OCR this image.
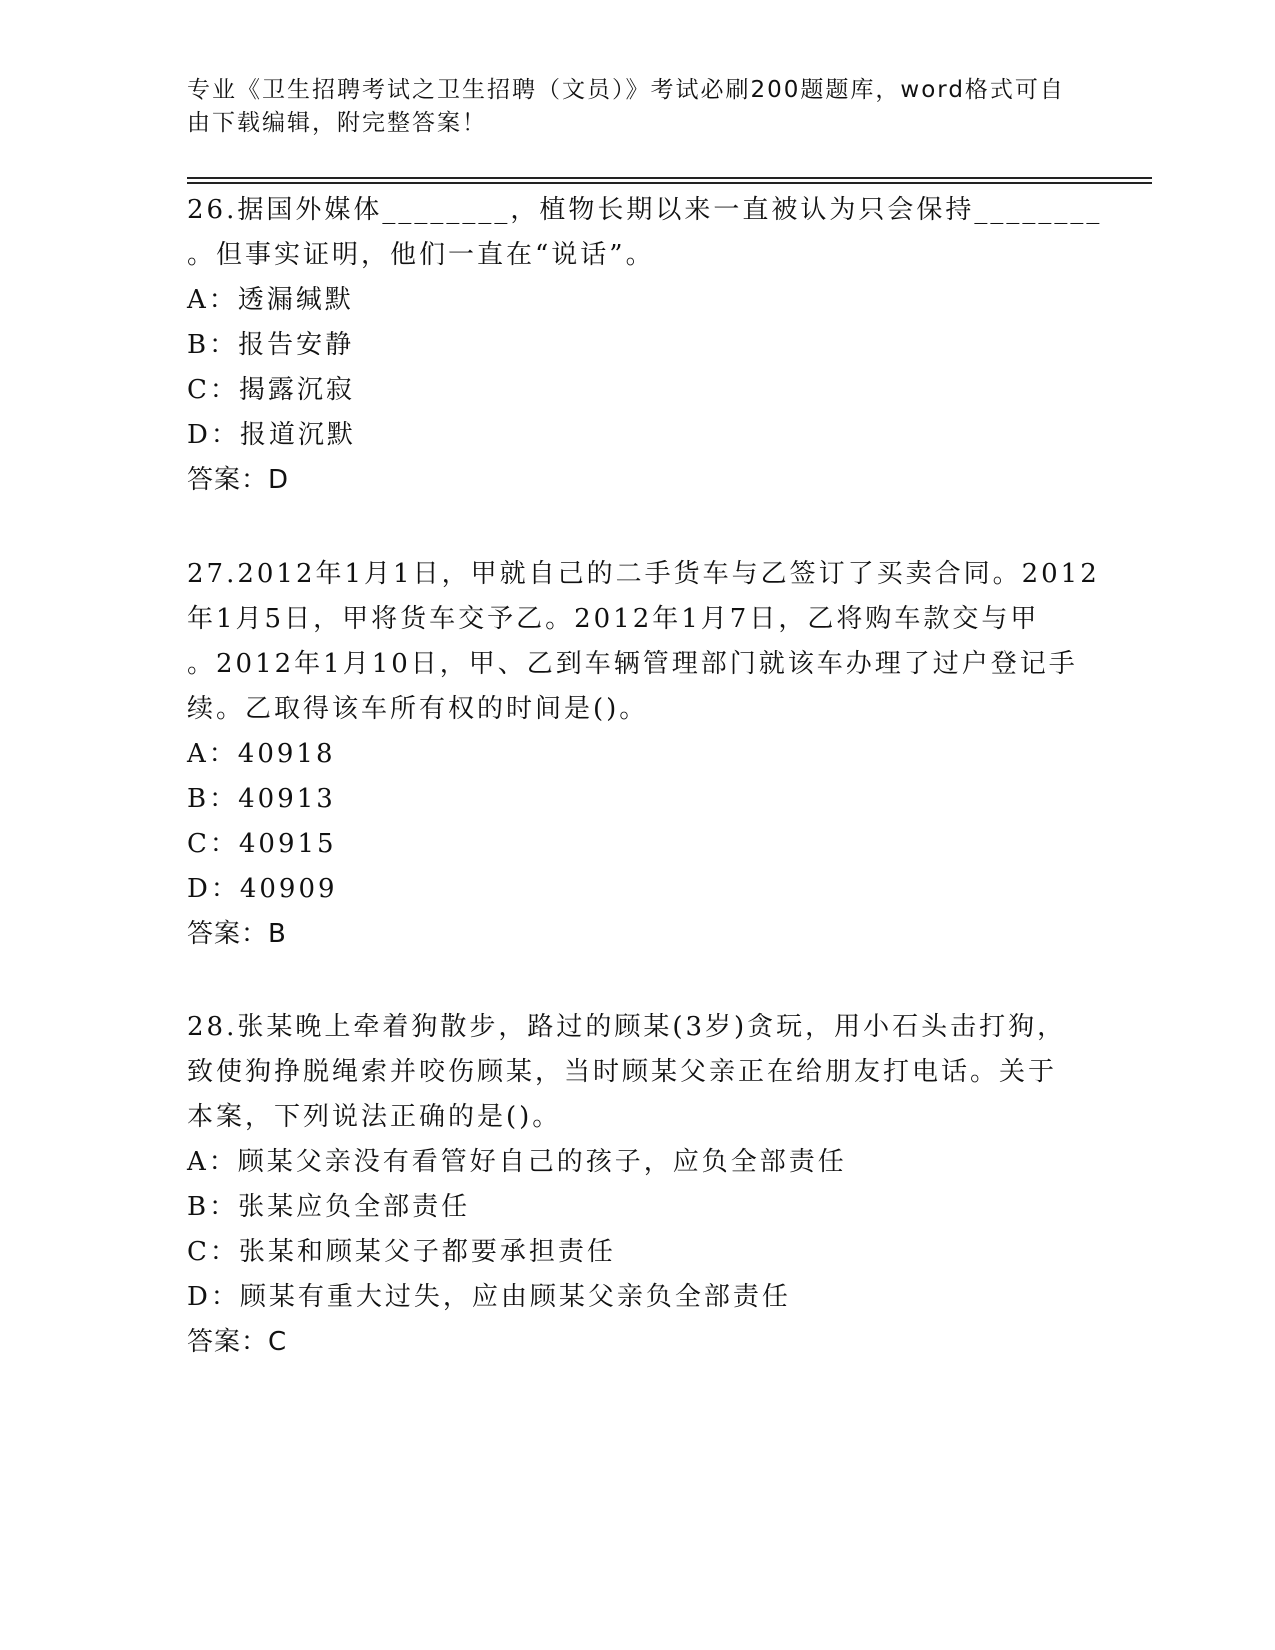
专业《卫生招聘考试之卫生招聘（文员）》考试必刷200题题库，word格式可自
由下载编辑，附完整答案！
26.据国外媒体________，植物长期以来一直被认为只会保持________
。但事实证明，他们一直在“说话”。
A：透漏缄默
B：报告安静
C：揭露沉寂
D：报道沉默
答案：D
27.2012年1月1日，甲就自己的二手货车与乙签订了买卖合同。2012
年1月5日，甲将货车交予乙。2012年1月7日，乙将购车款交与甲
。2012年1月10日，甲、乙到车辆管理部门就该车办理了过户登记手
续。乙取得该车所有权的时间是()。
A：40918
B：40913
C：40915
D：40909
答案：B
28.张某晚上牵着狗散步，路过的顾某(3岁)贪玩，用小石头击打狗，
致使狗挣脱绳索并咬伤顾某，当时顾某父亲正在给朋友打电话。关于
本案，下列说法正确的是()。
A：顾某父亲没有看管好自己的孩子，应负全部责任
B：张某应负全部责任
C：张某和顾某父子都要承担责任
D：顾某有重大过失，应由顾某父亲负全部责任
答案：C
